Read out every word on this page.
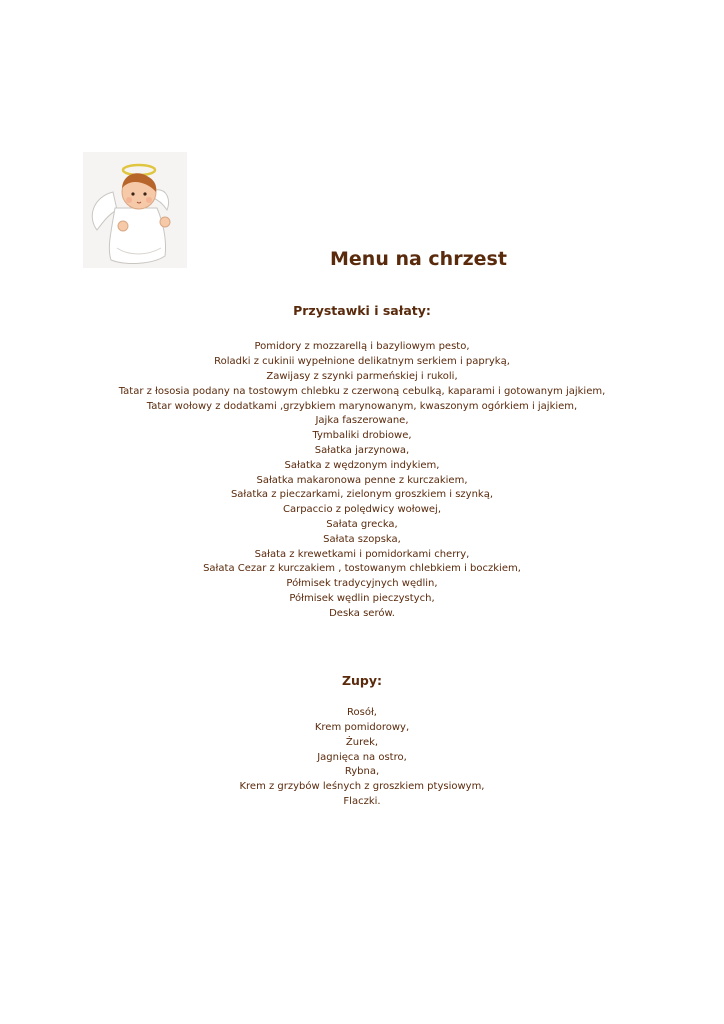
Menu na chrzest
Przystawki i sałaty:
Pomidory z mozzarellą i bazyliowym pesto,
Roladki z cukinii wypełnione delikatnym serkiem i papryką,
Zawijasy z szynki parmeńskiej i rukoli,
Tatar z łososia podany na tostowym chlebku z czerwoną cebulką, kaparami i gotowanym jajkiem,
Tatar wołowy z dodatkami ,grzybkiem marynowanym, kwaszonym ogórkiem i jajkiem,
Jajka faszerowane,
Tymbaliki drobiowe,
Sałatka jarzynowa,
Sałatka z wędzonym indykiem,
Sałatka makaronowa penne z kurczakiem,
Sałatka z pieczarkami, zielonym groszkiem i szynką,
Carpaccio z polędwicy wołowej,
Sałata grecka,
Sałata szopska,
Sałata z krewetkami i pomidorkami cherry,
Sałata Cezar z kurczakiem , tostowanym chlebkiem i boczkiem,
Półmisek tradycyjnych wędlin,
Półmisek wędlin pieczystych,
Deska serów.
Zupy:
Rosół,
Krem pomidorowy,
Żurek,
Jagnięca na ostro,
Rybna,
Krem z grzybów leśnych z groszkiem ptysiowym,
Flaczki.
